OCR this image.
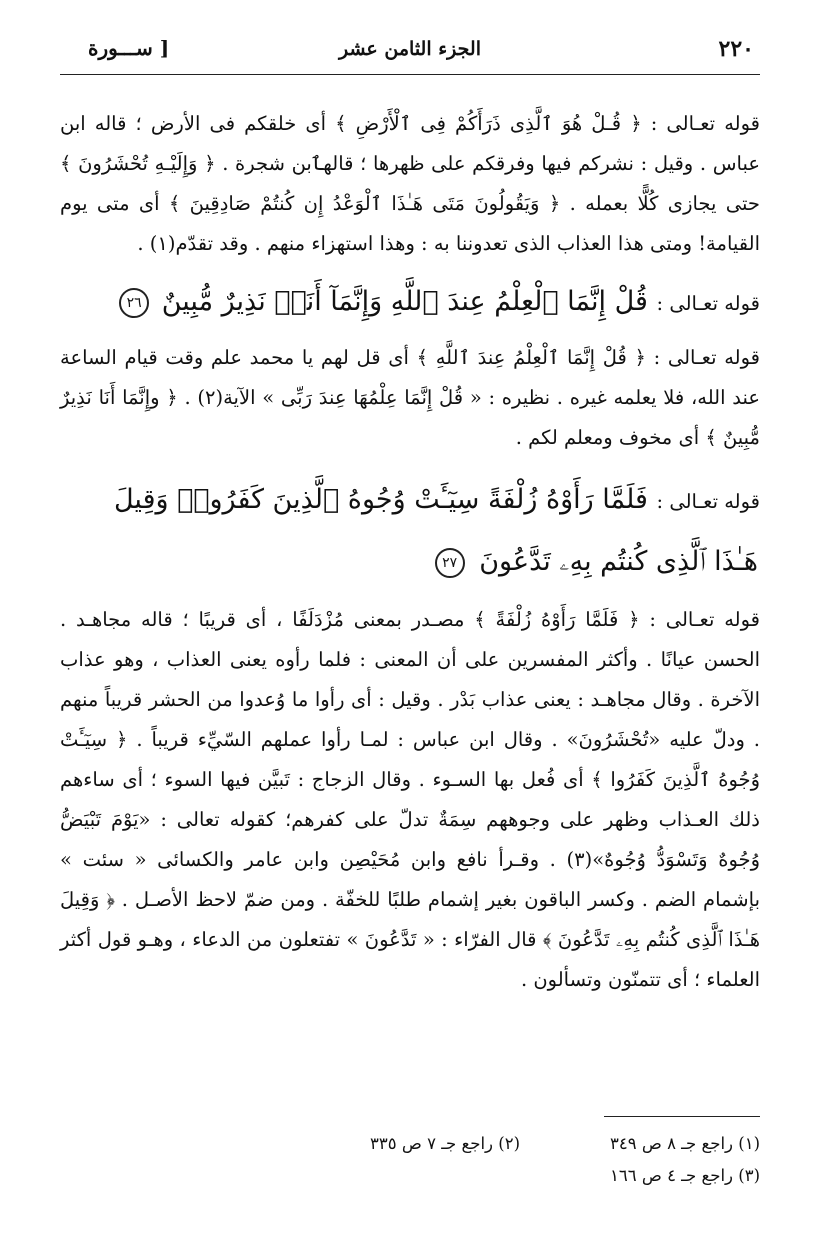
٢٢٠
الجزء الثامن عشر
[ ســـورة

قوله تعـالى : ﴿ قُـلْ هُوَ ٱلَّذِى ذَرَأَكُمْ فِى ٱلْأَرْضِ ﴾ أى خلقكم فى الأرض ؛ قاله ابن عباس . وقيل : نشركم فيها وفرقكم على ظهرها ؛ قالهٱبن شجرة . ﴿ وَإِلَيْـهِ تُحْشَرُونَ ﴾ حتى يجازى كُلًّا بعمله . ﴿ وَيَقُولُونَ مَتَى هَـٰذَا ٱلْوَعْدُ إِن كُنتُمْ صَادِقِينَ ﴾ أى متى يوم القيامة! ومتى هذا العذاب الذى تعدوننا به : وهذا استهزاء منهم . وقد تقدّم(١) .

قوله تعـالى : قُلْ إِنَّمَا ٱلْعِلْمُ عِندَ ٱللَّهِ وَإِنَّمَآ أَنَا۠ نَذِيرٌ مُّبِينٌ ٢٦

قوله تعـالى : ﴿ قُلْ إِنَّمَا ٱلْعِلْمُ عِندَ ٱللَّهِ ﴾ أى قل لهم يا محمد علم وقت قيام الساعة عند الله، فلا يعلمه غيره . نظيره : « قُلْ إِنَّمَا عِلْمُهَا عِندَ رَبِّى » الآية(٢) . ﴿ وإِنَّمَا أَنَا نَذِيرٌ مُّبِينٌ ﴾ أى مخوف ومعلم لكم .

قوله تعـالى : فَلَمَّا رَأَوْهُ زُلْفَةً سِيٓـَٔتْ وُجُوهُ ٱلَّذِينَ كَفَرُوا۟ وَقِيلَ
هَـٰذَا ٱلَّذِى كُنتُم بِهِۦ تَدَّعُونَ ٢٧

قوله تعـالى : ﴿ فَلَمَّا رَأَوْهُ زُلْفَةً ﴾ مصـدر بمعنى مُزْدَلَفًا ، أى قريبًا ؛ قاله مجاهـد . الحسن عيانًا . وأكثر المفسرين على أن المعنى : فلما رأوه يعنى العذاب ، وهو عذاب الآخرة . وقال مجاهـد : يعنى عذاب بَدْر . وقيل : أى رأوا ما وُعدوا من الحشر قريباً منهم . ودلّ عليه «تُحْشَرُونَ» . وقال ابن عباس : لمـا رأوا عملهم السّيِّء قريباً . ﴿ سِيٓـَٔتْ وُجُوهُ ٱلَّذِينَ كَفَرُوا ﴾ أى فُعل بها السـوء . وقال الزجاج : تَبيَّن فيها السوء ؛ أى ساءهم ذلك العـذاب وظهر على وجوههم سِمَةٌ تدلّ على كفرهم؛ كقوله تعالى : «يَوْمَ تَبْيَضُّ وُجُوهٌ وَتَسْوَدُّ وُجُوهٌ»(٣) . وقـرأ نافع وابن مُحَيْصِن وابن عامر والكسائى « سئت » بإشمام الضم . وكسر الباقون بغير إشمام طلبًا للخفّة . ومن ضمّ لاحظ الأصـل . ﴿ وَقِيلَ هَـٰذَا ٱلَّذِى كُنتُم بِهِۦ تَدَّعُونَ ﴾ قال الفرّاء : « تَدَّعُونَ » تفتعلون من الدعاء ، وهـو قول أكثر العلماء ؛ أى تتمنّون وتسألون .

(١) راجع جـ ٨ ص ٣٤٩
(٢) راجع جـ ٧ ص ٣٣٥
(٣) راجع جـ ٤ ص ١٦٦
